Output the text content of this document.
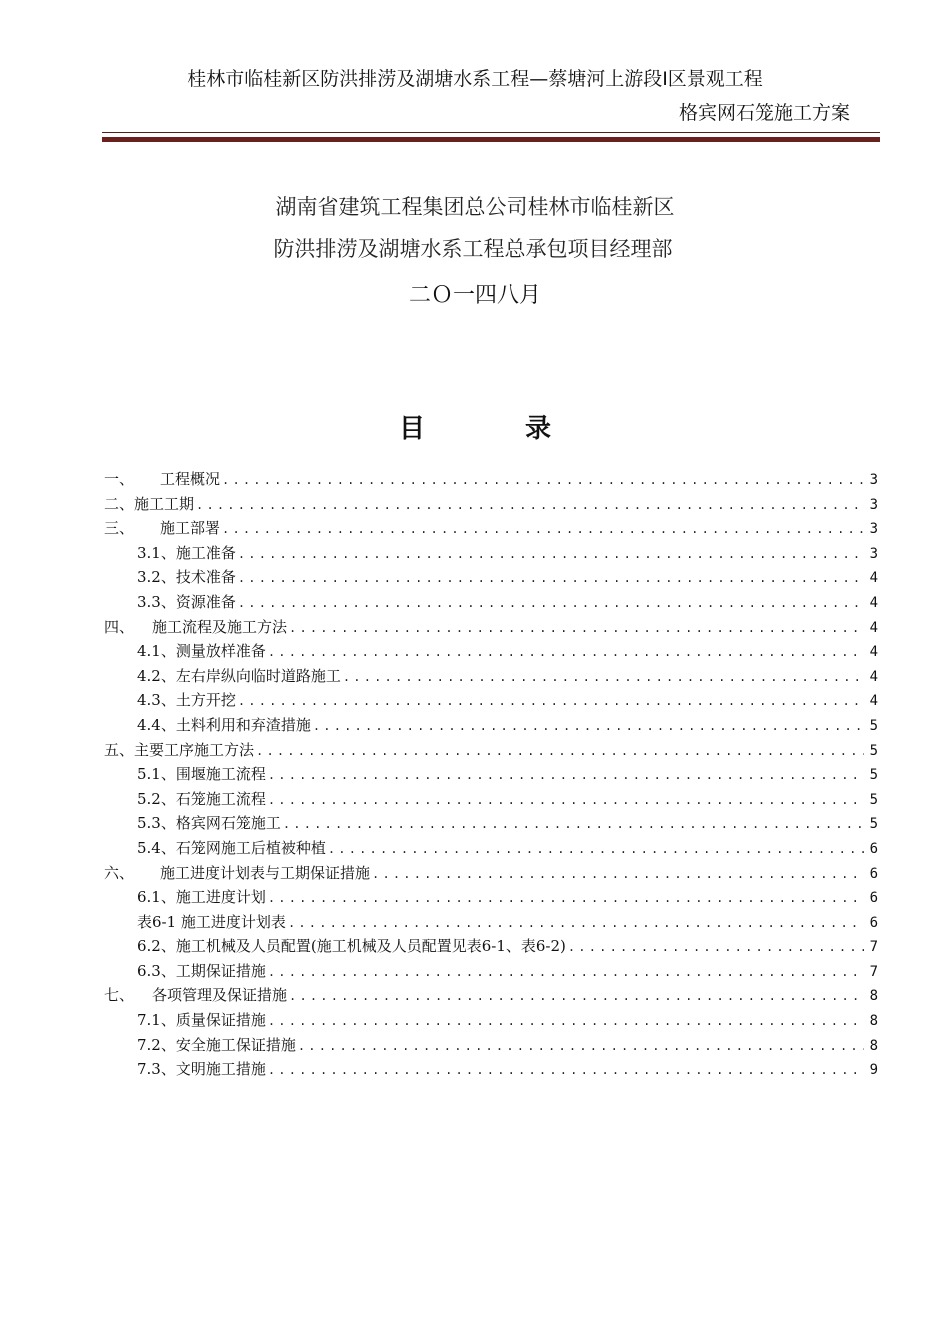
桂林市临桂新区防洪排涝及湖塘水系工程—蔡塘河上游段Ⅰ区景观工程
格宾网石笼施工方案
湖南省建筑工程集团总公司桂林市临桂新区
防洪排涝及湖塘水系工程总承包项目经理部
二Ｏ一四八月
目	录
一、 工程概况 .....	3
二、施工工期 .....	3
三、 施工部署 .....	3
3.1、施工准备 .....	3
3.2、技术准备 .....	4
3.3、资源准备 .....	4
四、 施工流程及施工方法 .....	4
4.1、测量放样准备 .....	4
4.2、左右岸纵向临时道路施工 .....	4
4.3、土方开挖 .....	4
4.4、土料利用和弃渣措施 .....	5
五、主要工序施工方法 .....	5
5.1、围堰施工流程 .....	5
5.2、石笼施工流程 .....	5
5.3、格宾网石笼施工 .....	5
5.4、石笼网施工后植被种植 .....	6
六、 施工进度计划表与工期保证措施 .....	6
6.1、施工进度计划 .....	6
表6-1 施工进度计划表 .....	6
6.2、施工机械及人员配置(施工机械及人员配置见表6-1、表6-2) .....	7
6.3、工期保证措施 .....	7
七、 各项管理及保证措施 .....	8
7.1、质量保证措施 .....	8
7.2、安全施工保证措施 .....	8
7.3、文明施工措施 .....	9
